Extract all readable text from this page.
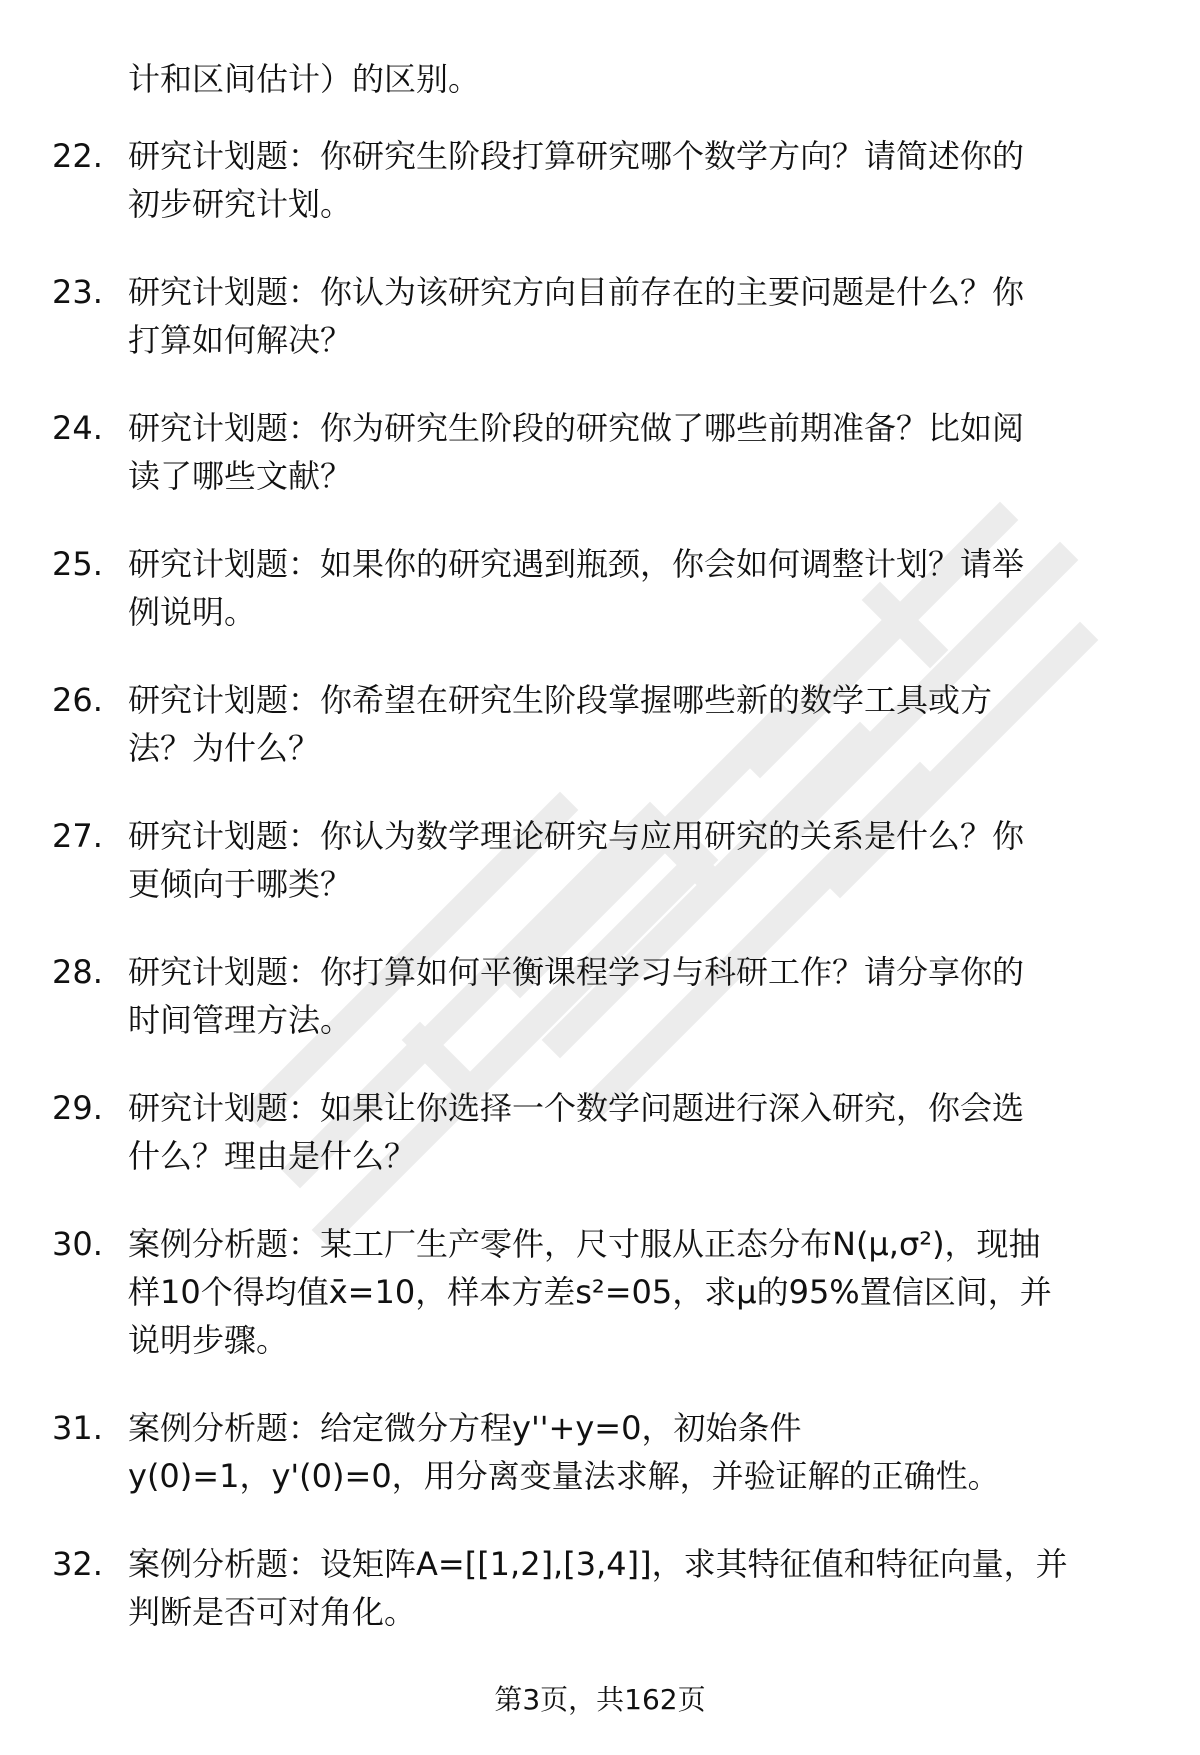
计和区间估计）的区别。
22. 研究计划题：你研究生阶段打算研究哪个数学方向？请简述你的
初步研究计划。
23. 研究计划题：你认为该研究方向目前存在的主要问题是什么？你
打算如何解决？
24. 研究计划题：你为研究生阶段的研究做了哪些前期准备？比如阅
读了哪些文献？
25. 研究计划题：如果你的研究遇到瓶颈，你会如何调整计划？请举
例说明。
26. 研究计划题：你希望在研究生阶段掌握哪些新的数学工具或方
法？为什么？
27. 研究计划题：你认为数学理论研究与应用研究的关系是什么？你
更倾向于哪类？
28. 研究计划题：你打算如何平衡课程学习与科研工作？请分享你的
时间管理方法。
29. 研究计划题：如果让你选择一个数学问题进行深入研究，你会选
什么？理由是什么？
30. 案例分析题：某工厂生产零件，尺寸服从正态分布N(μ,σ²)，现抽
样10个得均值x̄=10，样本方差s²=05，求μ的95%置信区间，并
说明步骤。
31. 案例分析题：给定微分方程y''+y=0，初始条件
y(0)=1，y'(0)=0，用分离变量法求解，并验证解的正确性。
32. 案例分析题：设矩阵A=[[1,2],[3,4]]，求其特征值和特征向量，并
判断是否可对角化。
第3页，共162页
